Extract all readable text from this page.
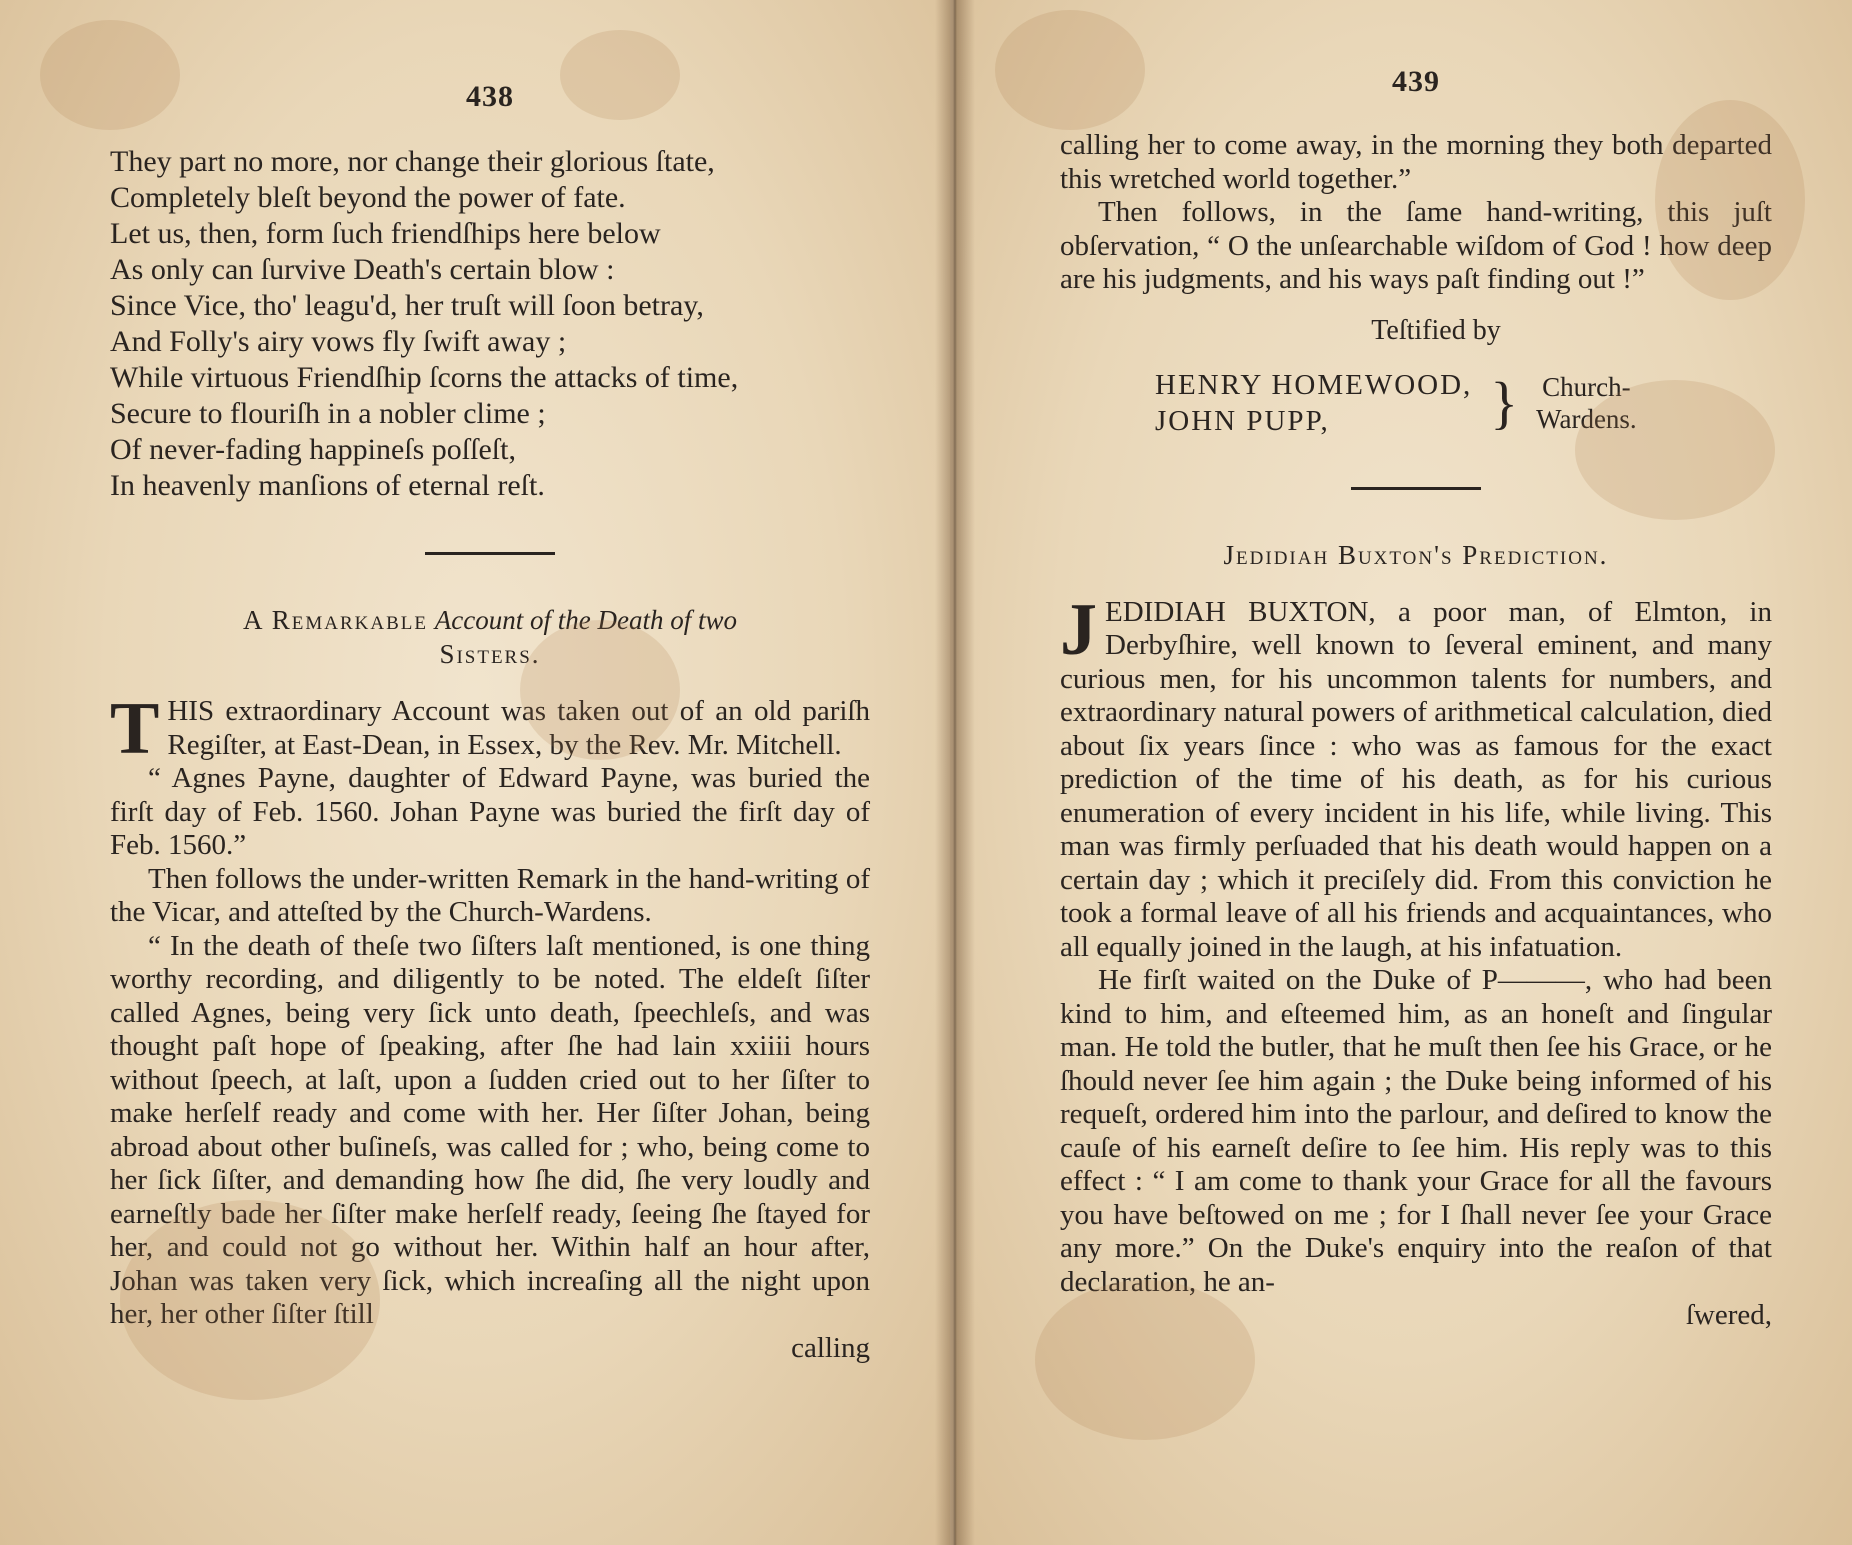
438
They part no more, nor change their glorious ſtate,
Completely bleſt beyond the power of fate.
Let us, then, form ſuch friendſhips here below
As only can ſurvive Death's certain blow :
Since Vice, tho' leagu'd, her truſt will ſoon betray,
And Folly's airy vows fly ſwift away ;
While virtuous Friendſhip ſcorns the attacks of time,
Secure to flouriſh in a nobler clime ;
Of never-fading happineſs poſſeſt,
In heavenly manſions of eternal reſt.
A Remarkable Account of the Death of two
Sisters.

THIS extraordinary Account was taken out of an old pariſh Regiſter, at East-Dean, in Essex, by the Rev. Mr. Mitchell.

“ Agnes Payne, daughter of Edward Payne, was buried the firſt day of Feb. 1560. Johan Payne was buried the firſt day of Feb. 1560.”

Then follows the under-written Remark in the hand-writing of the Vicar, and atteſted by the Church-Wardens.

“ In the death of theſe two ſiſters laſt mentioned, is one thing worthy recording, and diligently to be noted. The eldeſt ſiſter called Agnes, being very ſick unto death, ſpeechleſs, and was thought paſt hope of ſpeaking, after ſhe had lain xxiiii hours without ſpeech, at laſt, upon a ſudden cried out to her ſiſter to make herſelf ready and come with her. Her ſiſter Johan, being abroad about other buſineſs, was called for ; who, being come to her ſick ſiſter, and demanding how ſhe did, ſhe very loudly and earneſtly bade her ſiſter make herſelf ready, ſeeing ſhe ſtayed for her, and could not go without her. Within half an hour after, Johan was taken very ſick, which increaſing all the night upon her, her other ſiſter ſtill

calling
439

calling her to come away, in the morning they both departed this wretched world together.”

Then follows, in the ſame hand-writing, this juſt obſervation, “ O the unſearchable wiſdom of God ! how deep are his judgments, and his ways paſt finding out !”

Teſtified by
HENRY HOMEWOOD,
JOHN PUPP,	} Church-
Wardens.
Jedidiah Buxton's Prediction.

JEDIDIAH BUXTON, a poor man, of Elmton, in Derbyſhire, well known to ſeveral eminent, and many curious men, for his uncommon talents for numbers, and extraordinary natural powers of arithmetical calculation, died about ſix years ſince : who was as famous for the exact prediction of the time of his death, as for his curious enumeration of every incident in his life, while living. This man was firmly perſuaded that his death would happen on a certain day ; which it preciſely did. From this conviction he took a formal leave of all his friends and acquaintances, who all equally joined in the laugh, at his infatuation.

He firſt waited on the Duke of P———, who had been kind to him, and eſteemed him, as an honeſt and ſingular man. He told the butler, that he muſt then ſee his Grace, or he ſhould never ſee him again ; the Duke being informed of his requeſt, ordered him into the parlour, and deſired to know the cauſe of his earneſt deſire to ſee him. His reply was to this effect : “ I am come to thank your Grace for all the favours you have beſtowed on me ; for I ſhall never ſee your Grace any more.” On the Duke's enquiry into the reaſon of that declaration, he an-

ſwered,
